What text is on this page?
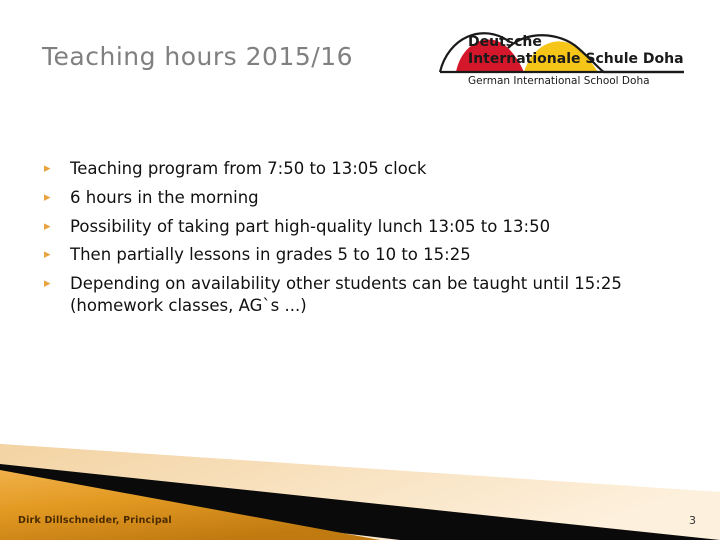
Teaching hours 2015/16	Deutsche
Internationale Schule Doha
German International School Doha
▸	Teaching program from 7:50 to 13:05 clock
▸	6 hours in the morning
▸	Possibility of taking part high-quality lunch 13:05 to 13:50
▸	Then partially lessons in grades 5 to 10 to 15:25
▸	Depending on availability other students can be taught until 15:25 (homework classes, AG`s ...)
Dirk Dillschneider, Principal	3
